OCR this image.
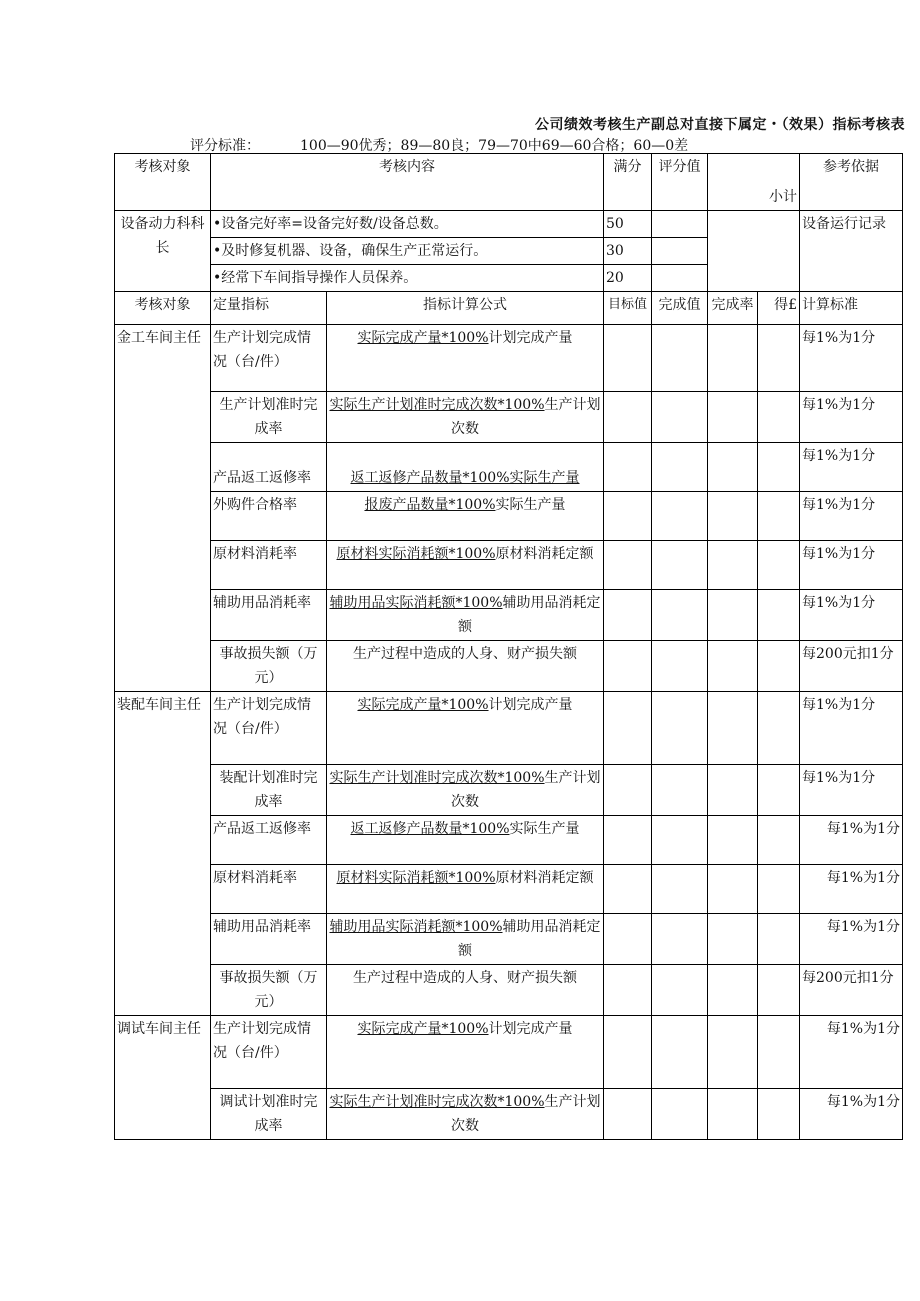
公司绩效考核生产副总对直接下属定・（效果）指标考核表
评分标准：	100—90优秀；89—80良；79—70中69—60合格；60—0差
考核对象	考核内容		满分	评分值	小计		参考依据
设备动力科科长	•设备完好率=设备完好数/设备总数。		50				设备运行记录
	•及时修复机器、设备，确保生产正常运行。		30				
	•经常下车间指导操作人员保养。		20				
考核对象	定量指标	指标计算公式	目标值	完成值	完成率	得£	计算标准
金工车间主任	生产计划完成情况（台/件）	实际完成产量*100%计划完成产量					每1%为1分
	生产计划准时完成率	实际生产计划准时完成次数*100%生产计划次数					每1%为1分
	产品返工返修率	返工返修产品数量*100%实际生产量					每1%为1分
	外购件合格率	报废产品数量*100%实际生产量					每1%为1分
	原材料消耗率	原材料实际消耗额*100%原材料消耗定额					每1%为1分
	辅助用品消耗率	辅助用品实际消耗额*100%辅助用品消耗定额					每1%为1分
	事故损失额（万元）	生产过程中造成的人身、财产损失额					每200元扣1分
装配车间主任	生产计划完成情况（台/件）	实际完成产量*100%计划完成产量					每1%为1分
	装配计划准时完成率	实际生产计划准时完成次数*100%生产计划次数					每1%为1分
	产品返工返修率	返工返修产品数量*100%实际生产量					每1%为1分
	原材料消耗率	原材料实际消耗额*100%原材料消耗定额					每1%为1分
	辅助用品消耗率	辅助用品实际消耗额*100%辅助用品消耗定额					每1%为1分
	事故损失额（万元）	生产过程中造成的人身、财产损失额					每200元扣1分
调试车间主任	生产计划完成情况（台/件）	实际完成产量*100%计划完成产量					每1%为1分
	调试计划准时完成率	实际生产计划准时完成次数*100%生产计划次数					每1%为1分
